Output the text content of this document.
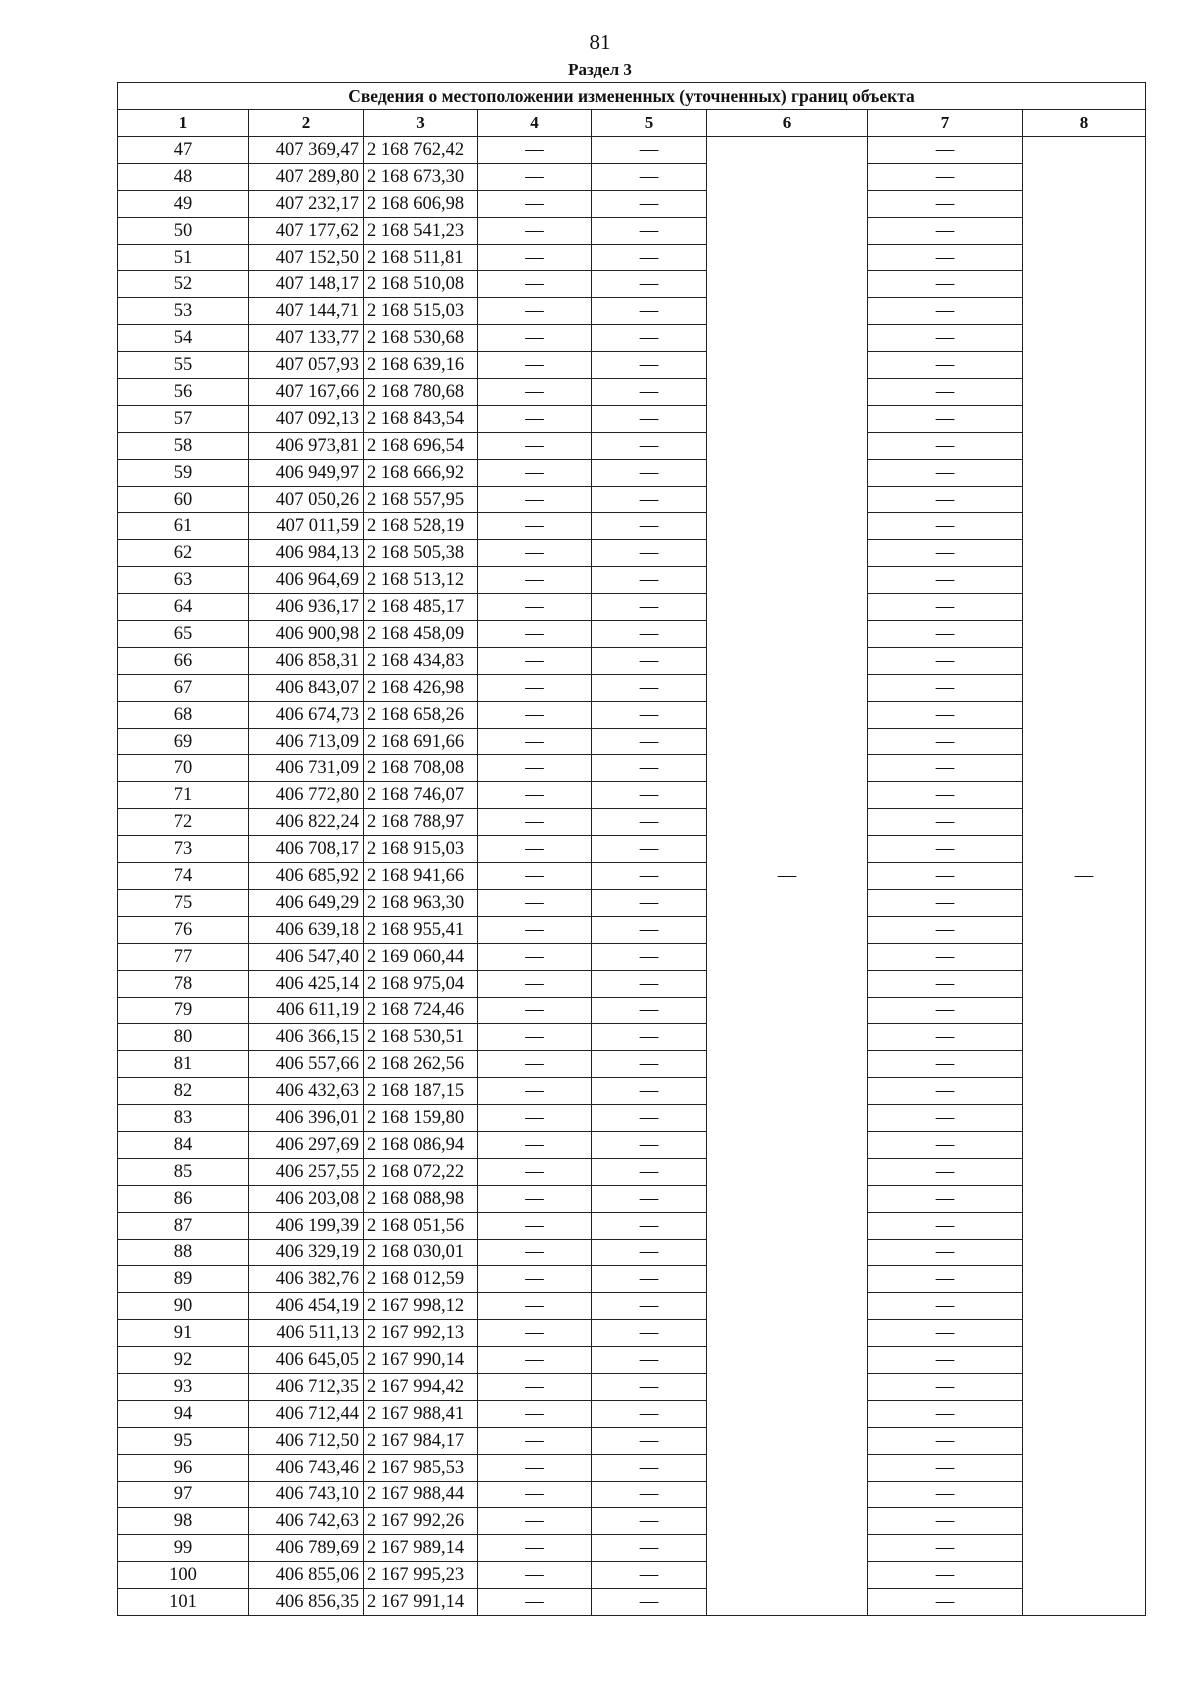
81
Раздел 3
Сведения о местоположении измененных (уточненных) границ объекта							
1	2	3	4	5	6	7	8
47	407 369,47	2 168 762,42	—	—	—	—	—
48	407 289,80	2 168 673,30	—	—		—	
49	407 232,17	2 168 606,98	—	—		—	
50	407 177,62	2 168 541,23	—	—		—	
51	407 152,50	2 168 511,81	—	—		—	
52	407 148,17	2 168 510,08	—	—		—	
53	407 144,71	2 168 515,03	—	—		—	
54	407 133,77	2 168 530,68	—	—		—	
55	407 057,93	2 168 639,16	—	—		—	
56	407 167,66	2 168 780,68	—	—		—	
57	407 092,13	2 168 843,54	—	—		—	
58	406 973,81	2 168 696,54	—	—		—	
59	406 949,97	2 168 666,92	—	—		—	
60	407 050,26	2 168 557,95	—	—		—	
61	407 011,59	2 168 528,19	—	—		—	
62	406 984,13	2 168 505,38	—	—		—	
63	406 964,69	2 168 513,12	—	—		—	
64	406 936,17	2 168 485,17	—	—		—	
65	406 900,98	2 168 458,09	—	—		—	
66	406 858,31	2 168 434,83	—	—		—	
67	406 843,07	2 168 426,98	—	—		—	
68	406 674,73	2 168 658,26	—	—		—	
69	406 713,09	2 168 691,66	—	—		—	
70	406 731,09	2 168 708,08	—	—		—	
71	406 772,80	2 168 746,07	—	—		—	
72	406 822,24	2 168 788,97	—	—		—	
73	406 708,17	2 168 915,03	—	—		—	
74	406 685,92	2 168 941,66	—	—		—	
75	406 649,29	2 168 963,30	—	—		—	
76	406 639,18	2 168 955,41	—	—		—	
77	406 547,40	2 169 060,44	—	—		—	
78	406 425,14	2 168 975,04	—	—		—	
79	406 611,19	2 168 724,46	—	—		—	
80	406 366,15	2 168 530,51	—	—		—	
81	406 557,66	2 168 262,56	—	—		—	
82	406 432,63	2 168 187,15	—	—		—	
83	406 396,01	2 168 159,80	—	—		—	
84	406 297,69	2 168 086,94	—	—		—	
85	406 257,55	2 168 072,22	—	—		—	
86	406 203,08	2 168 088,98	—	—		—	
87	406 199,39	2 168 051,56	—	—		—	
88	406 329,19	2 168 030,01	—	—		—	
89	406 382,76	2 168 012,59	—	—		—	
90	406 454,19	2 167 998,12	—	—		—	
91	406 511,13	2 167 992,13	—	—		—	
92	406 645,05	2 167 990,14	—	—		—	
93	406 712,35	2 167 994,42	—	—		—	
94	406 712,44	2 167 988,41	—	—		—	
95	406 712,50	2 167 984,17	—	—		—	
96	406 743,46	2 167 985,53	—	—		—	
97	406 743,10	2 167 988,44	—	—		—	
98	406 742,63	2 167 992,26	—	—		—	
99	406 789,69	2 167 989,14	—	—		—	
100	406 855,06	2 167 995,23	—	—		—	
101	406 856,35	2 167 991,14	—	—		—	
